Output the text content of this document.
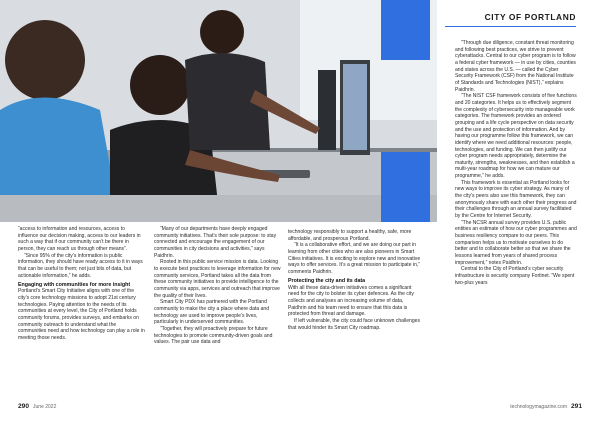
CITY OF PORTLAND

“access to information and resources, access to influence our decision making, access to our leaders in such a way that if our community can’t be there in person, they can reach us through other means”.

“Since 95% of the city’s information is public information, they should have ready access to it in ways that can be useful to them; not just bits of data, but actionable information,” he adds.

Engaging with communities for more insight

Portland’s Smart City Initiative aligns with one of the city’s core technology missions to adopt 21st century technologies. Paying attention to the needs of its communities at every level, the City of Portland holds community forums, provides surveys, and embarks on community outreach to understand what the communities need and how technology can play a role in meeting those needs.

“Many of our departments have deeply engaged community initiatives. That’s their sole purpose: to stay connected and encourage the engagement of our communities in city decisions and activities,” says Paidhrin.

Rooted in this public service mission is data. Looking to execute best practices to leverage information for new community services, Portland takes all the data from these community initiatives to provide intelligence to the community via apps, services and outreach that improve the quality of their lives.

Smart City PDX has partnered with the Portland community to make the city a place where data and technology are used to improve people’s lives, particularly in underserved communities.

“Together, they will proactively prepare for future technologies to promote community-driven goals and values. The pair use data and

technology responsibly to support a healthy, safe, more affordable, and prosperous Portland.

“It is a collaborative effort, and we are doing our part in learning from other cities who are also pioneers in Smart Cities initiatives. It is exciting to explore new and innovative ways to offer services. It’s a great mission to participate in,” comments Paidhrin.

Protecting the city and its data

With all these data-driven initiatives comes a significant need for the city to bolster its cyber defences. As the city collects and analyses an increasing volume of data, Paidhrin and his team need to ensure that this data is protected from threat and damage.

If left vulnerable, the city could face unknown challenges that would hinder its Smart City roadmap.

“Through due diligence, constant threat monitoring and following best practices, we strive to prevent cyberattacks. Central to our cyber program is to follow a federal cyber framework — in use by cities, counties and states across the U.S. — called the Cyber Security Framework (CSF) from the National Institute of Standards and Technologies (NIST),” explains Paidhrin.

“The NIST CSF framework consists of five functions and 20 categories. It helps us to effectively segment the complexity of cybersecurity into manageable work categories. The framework provides an ordered grouping and a life cycle perspective on data security and the use and protection of information. And by having our programme follow this framework, we can identify where we need additional resources: people, technologies, and funding. We can then justify our cyber program needs appropriately, determine the maturity, strengths, weaknesses, and then establish a multi-year roadmap for how we can mature our programme,” he adds.

This framework is essential as Portland looks for new ways to improve its cyber strategy. As many of the city’s peers also use this framework, they can anonymously share with each other their progress and their challenges through an annual survey facilitated by the Centre for Internet Security.

“The NCSR annual survey provides U.S. public entities an estimate of how our cyber programmes and business resiliency compare to our peers. This comparison helps us to motivate ourselves to do better and to collaborate better so that we share the lessons learned from years of shared process improvement,” notes Paidhrin.

Central to the City of Portland’s cyber security infrastructure is security company Fortinet. “We spent two-plus years

290 June 2022	technologymagazine.com 291
